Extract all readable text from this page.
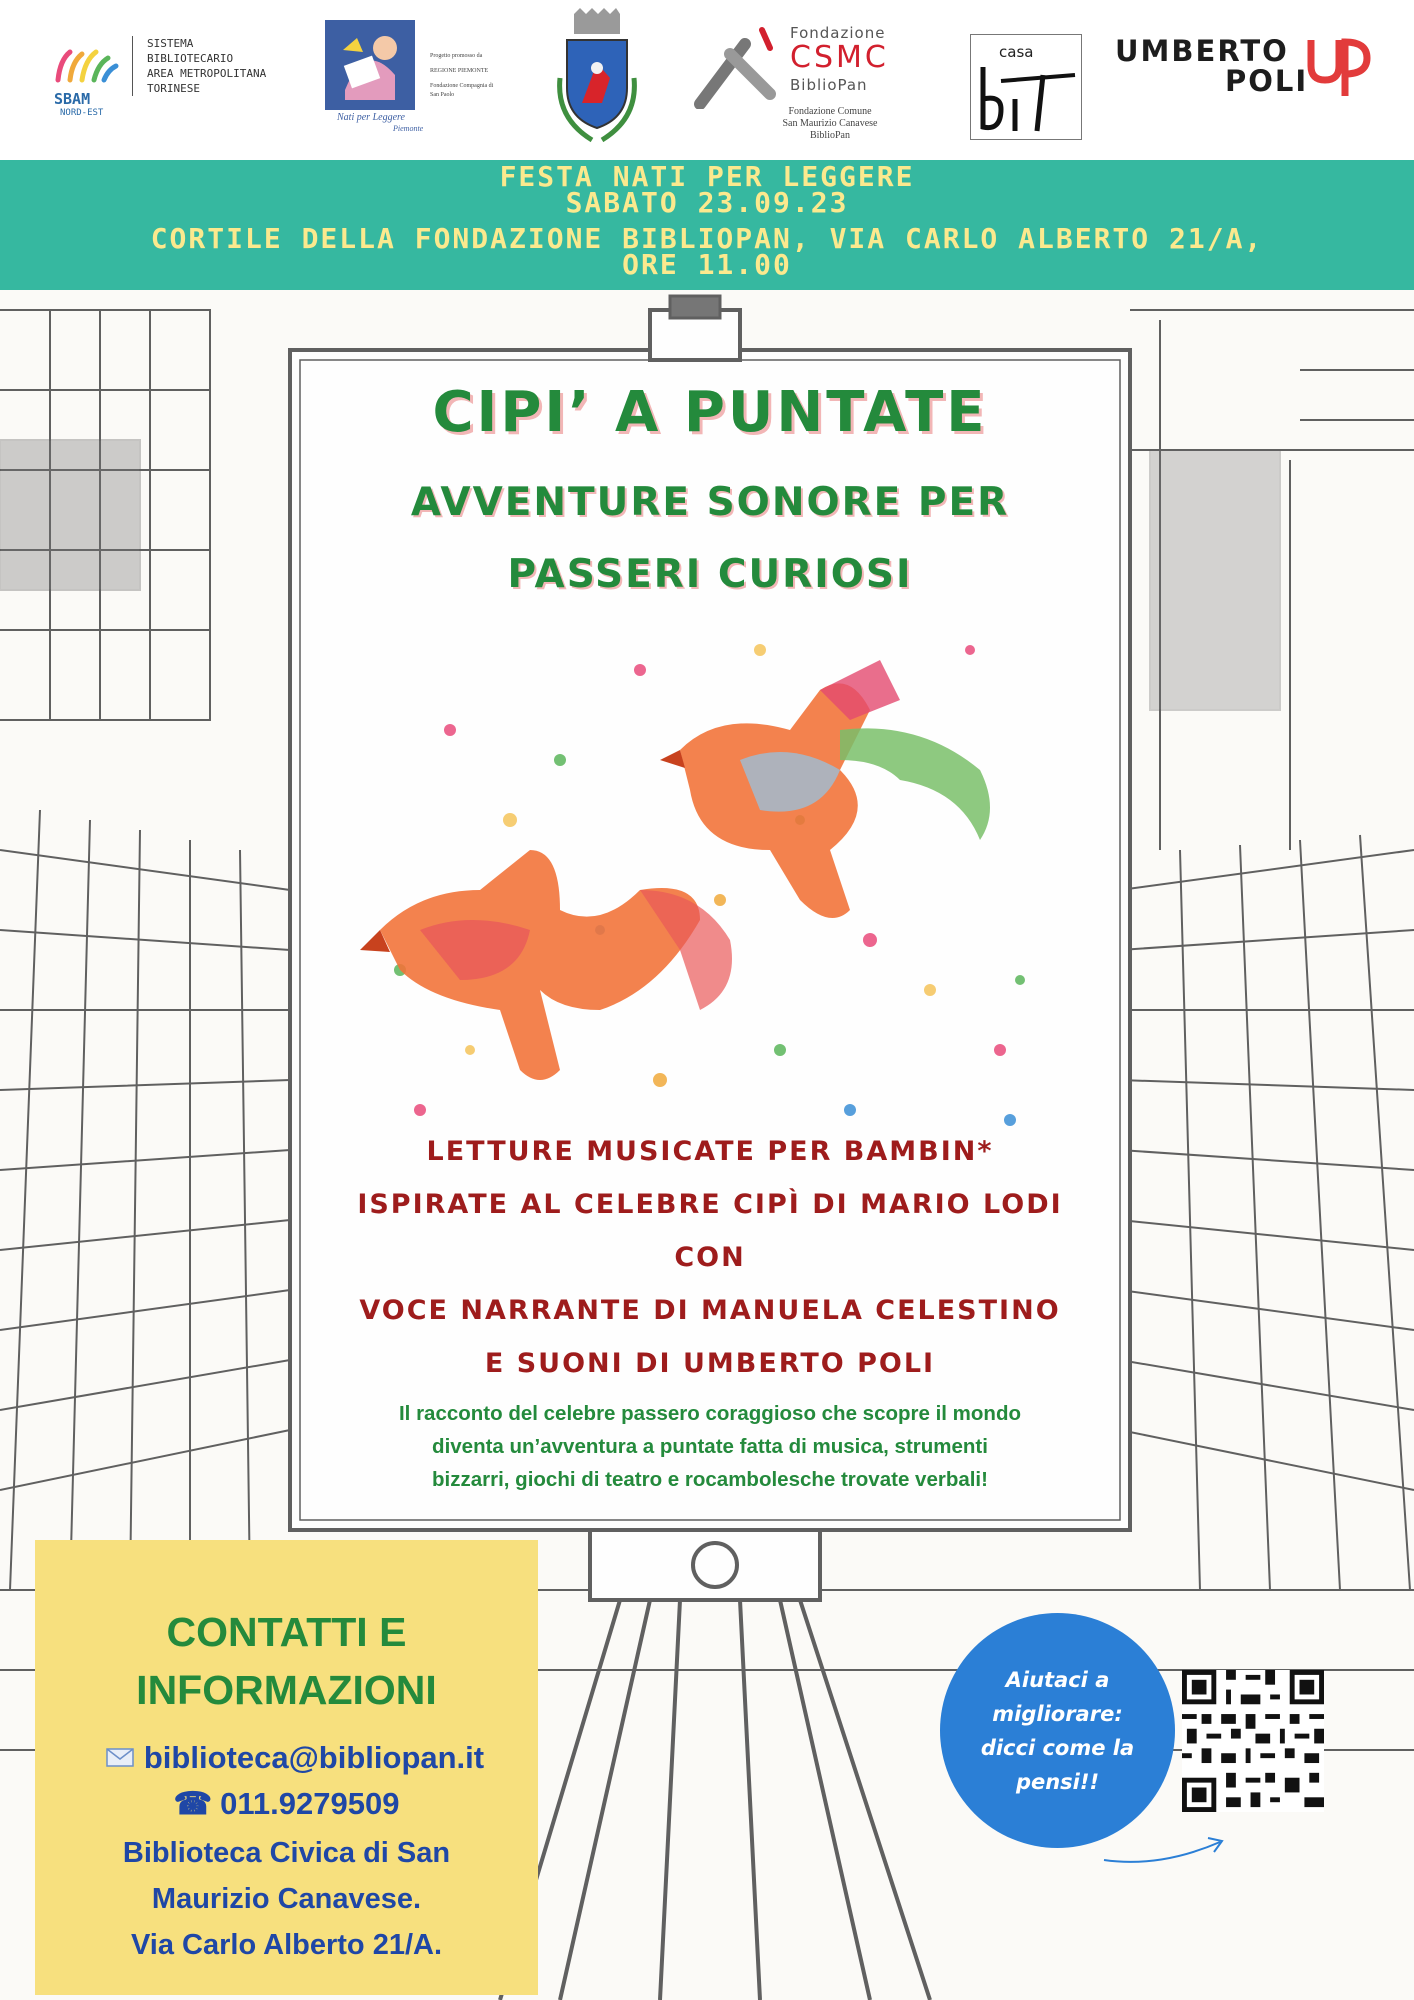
SBAM
NORD-EST
SISTEMA
BIBLIOTECARIO
AREA METROPOLITANA
TORINESE
Nati per Leggere
Piemonte
Progetto promosso da
REGIONE PIEMONTE
Fondazione Compagnia di San Paolo
Fondazione
CSMC
BiblioPan
Fondazione Comune
San Maurizio Canavese
BiblioPan
casa	UMBERTO
POLI
FESTA NATI PER LEGGERE
SABATO 23.09.23
CORTILE DELLA FONDAZIONE BIBLIOPAN, VIA CARLO ALBERTO 21/A,
ORE 11.00
CIPI’ A PUNTATE
AVVENTURE SONORE PER
PASSERI CURIOSI
LETTURE MUSICATE PER BAMBIN*
ISPIRATE AL CELEBRE CIPÌ DI MARIO LODI
CON
VOCE NARRANTE DI MANUELA CELESTINO
E SUONI DI UMBERTO POLI
Il racconto del celebre passero coraggioso che scopre il mondo
diventa un’avventura a puntate fatta di musica, strumenti
bizzarri, giochi di teatro e rocambolesche trovate verbali!
CONTATTI E
INFORMAZIONI
biblioteca@bibliopan.it
☎ 011.9279509
Biblioteca Civica di San
Maurizio Canavese.
Via Carlo Alberto 21/A.
Aiutaci a
migliorare:
dicci come la
pensi!!
